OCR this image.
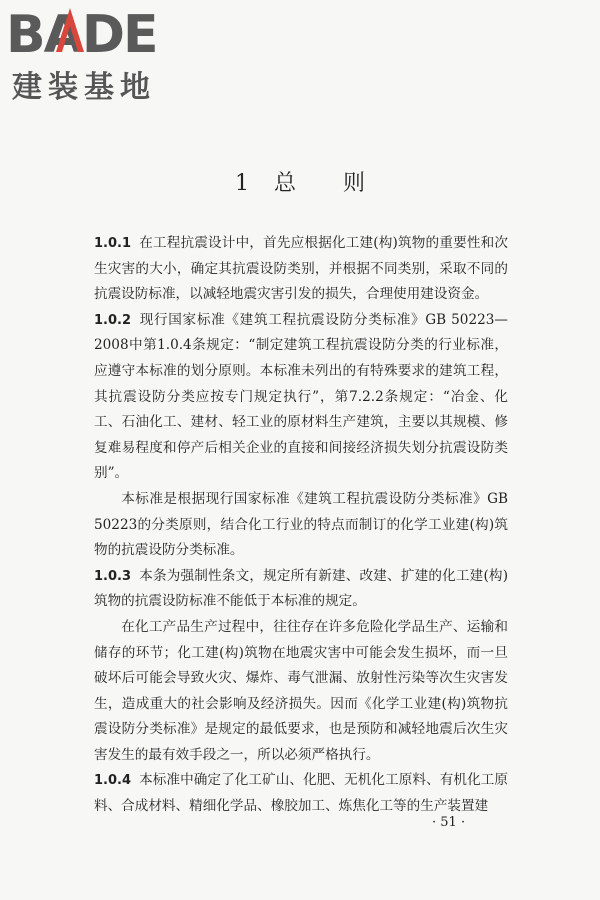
BADE
建装基地
1 总 则

1.0.1 在工程抗震设计中，首先应根据化工建(构)筑物的重要性和次生灾害的大小，确定其抗震设防类别，并根据不同类别，采取不同的抗震设防标准，以减轻地震灾害引发的损失，合理使用建设资金。

1.0.2 现行国家标准《建筑工程抗震设防分类标准》GB 50223—2008中第1.0.4条规定：“制定建筑工程抗震设防分类的行业标准，应遵守本标准的划分原则。本标准未列出的有特殊要求的建筑工程，其抗震设防分类应按专门规定执行”，第7.2.2条规定：“冶金、化工、石油化工、建材、轻工业的原材料生产建筑，主要以其规模、修复难易程度和停产后相关企业的直接和间接经济损失划分抗震设防类别”。

本标准是根据现行国家标准《建筑工程抗震设防分类标准》GB 50223的分类原则，结合化工行业的特点而制订的化学工业建(构)筑物的抗震设防分类标准。

1.0.3 本条为强制性条文，规定所有新建、改建、扩建的化工建(构)筑物的抗震设防标准不能低于本标准的规定。

在化工产品生产过程中，往往存在许多危险化学品生产、运输和储存的环节；化工建(构)筑物在地震灾害中可能会发生损坏，而一旦破坏后可能会导致火灾、爆炸、毒气泄漏、放射性污染等次生灾害发生，造成重大的社会影响及经济损失。因而《化学工业建(构)筑物抗震设防分类标准》是规定的最低要求，也是预防和减轻地震后次生灾害发生的最有效手段之一，所以必须严格执行。

1.0.4 本标准中确定了化工矿山、化肥、无机化工原料、有机化工原料、合成材料、精细化学品、橡胶加工、炼焦化工等的生产装置建

· 51 ·
